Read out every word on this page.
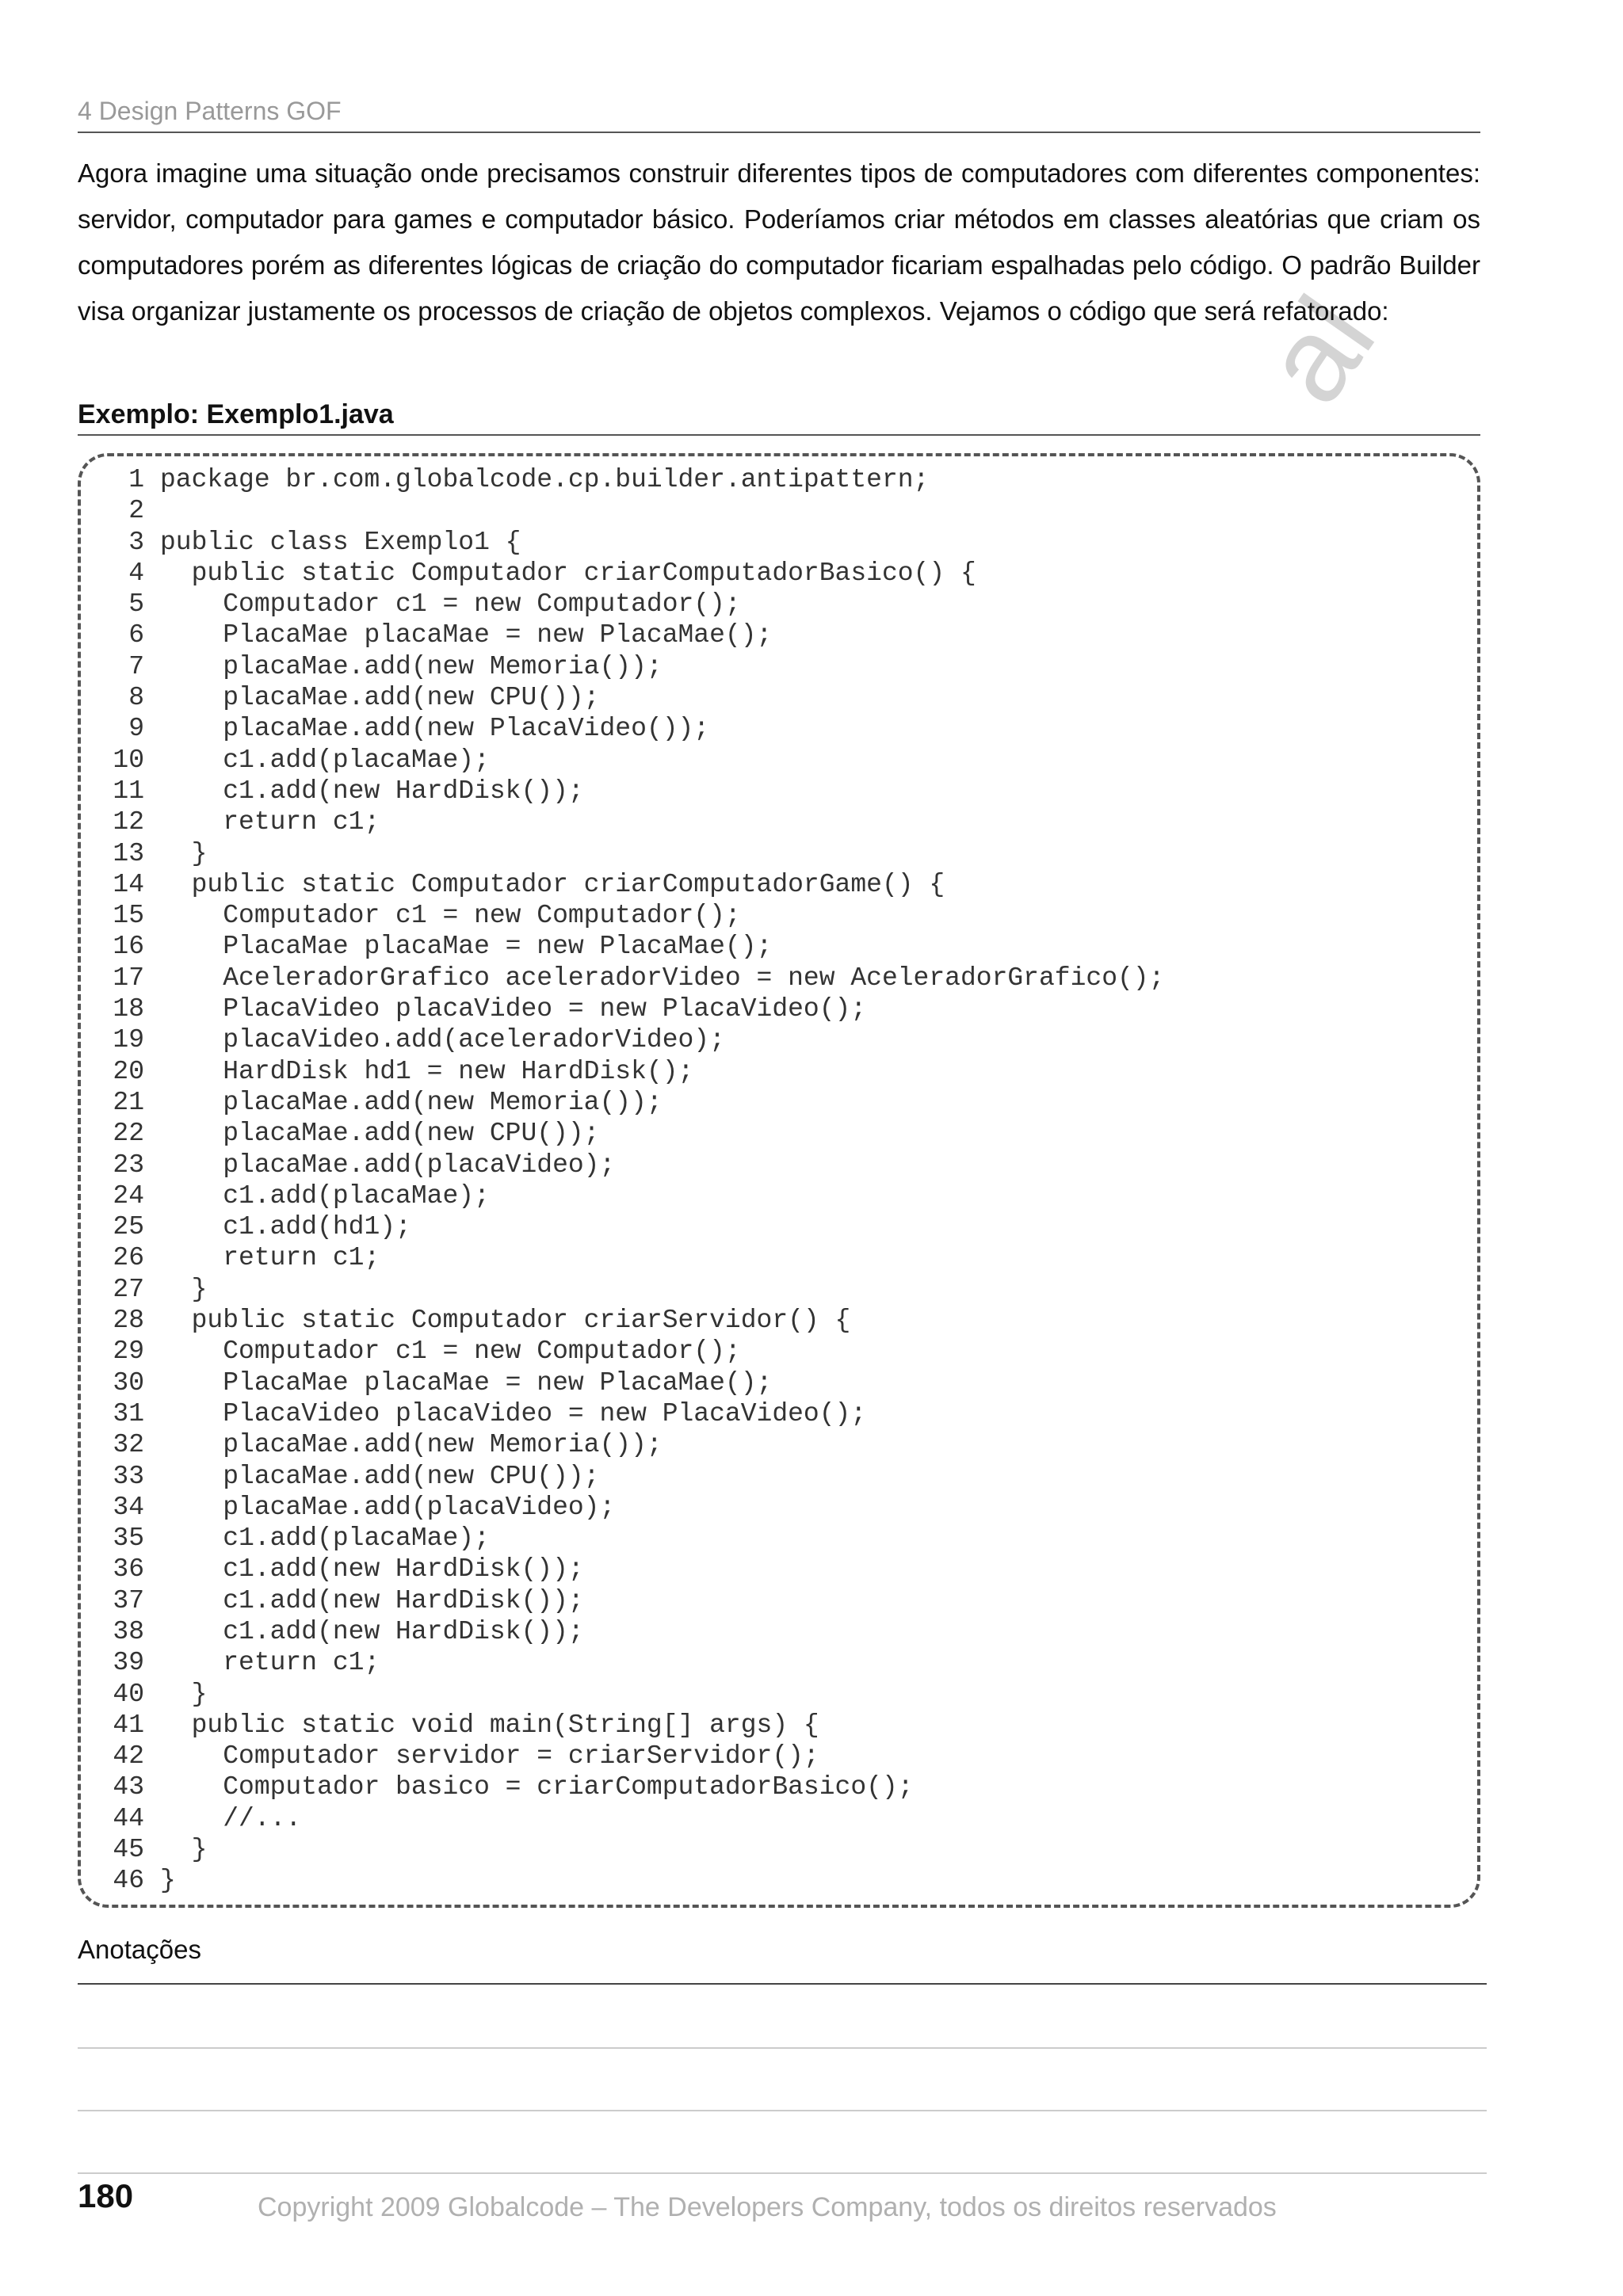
4 Design Patterns GOF
al
Agora imagine uma situação onde precisamos construir diferentes tipos de computadores com diferentes componentes: servidor, computador para games e computador básico. Poderíamos criar métodos em classes aleatórias que criam os computadores porém as diferentes lógicas de criação do computador ficariam espalhadas pelo código. O padrão Builder visa organizar justamente os processos de criação de objetos complexos. Vejamos o código que será refatorado:
Exemplo: Exemplo1.java
1 package br.com.globalcode.cp.builder.antipattern;
2
3 public class Exemplo1 {
4  public static Computador criarComputadorBasico() {
5    Computador c1 = new Computador();
6    PlacaMae placaMae = new PlacaMae();
7    placaMae.add(new Memoria());
8    placaMae.add(new CPU());
9    placaMae.add(new PlacaVideo());
10    c1.add(placaMae);
11    c1.add(new HardDisk());
12    return c1;
13  }
14  public static Computador criarComputadorGame() {
15    Computador c1 = new Computador();
16    PlacaMae placaMae = new PlacaMae();
17    AceleradorGrafico aceleradorVideo = new AceleradorGrafico();
18    PlacaVideo placaVideo = new PlacaVideo();
19    placaVideo.add(aceleradorVideo);
20    HardDisk hd1 = new HardDisk();
21    placaMae.add(new Memoria());
22    placaMae.add(new CPU());
23    placaMae.add(placaVideo);
24    c1.add(placaMae);
25    c1.add(hd1);
26    return c1;
27  }
28  public static Computador criarServidor() {
29    Computador c1 = new Computador();
30    PlacaMae placaMae = new PlacaMae();
31    PlacaVideo placaVideo = new PlacaVideo();
32    placaMae.add(new Memoria());
33    placaMae.add(new CPU());
34    placaMae.add(placaVideo);
35    c1.add(placaMae);
36    c1.add(new HardDisk());
37    c1.add(new HardDisk());
38    c1.add(new HardDisk());
39    return c1;
40  }
41  public static void main(String[] args) {
42    Computador servidor = criarServidor();
43    Computador basico = criarComputadorBasico();
44    //...
45  }
46 }
Anotações
180	Copyright 2009 Globalcode – The Developers Company, todos os direitos reservados
